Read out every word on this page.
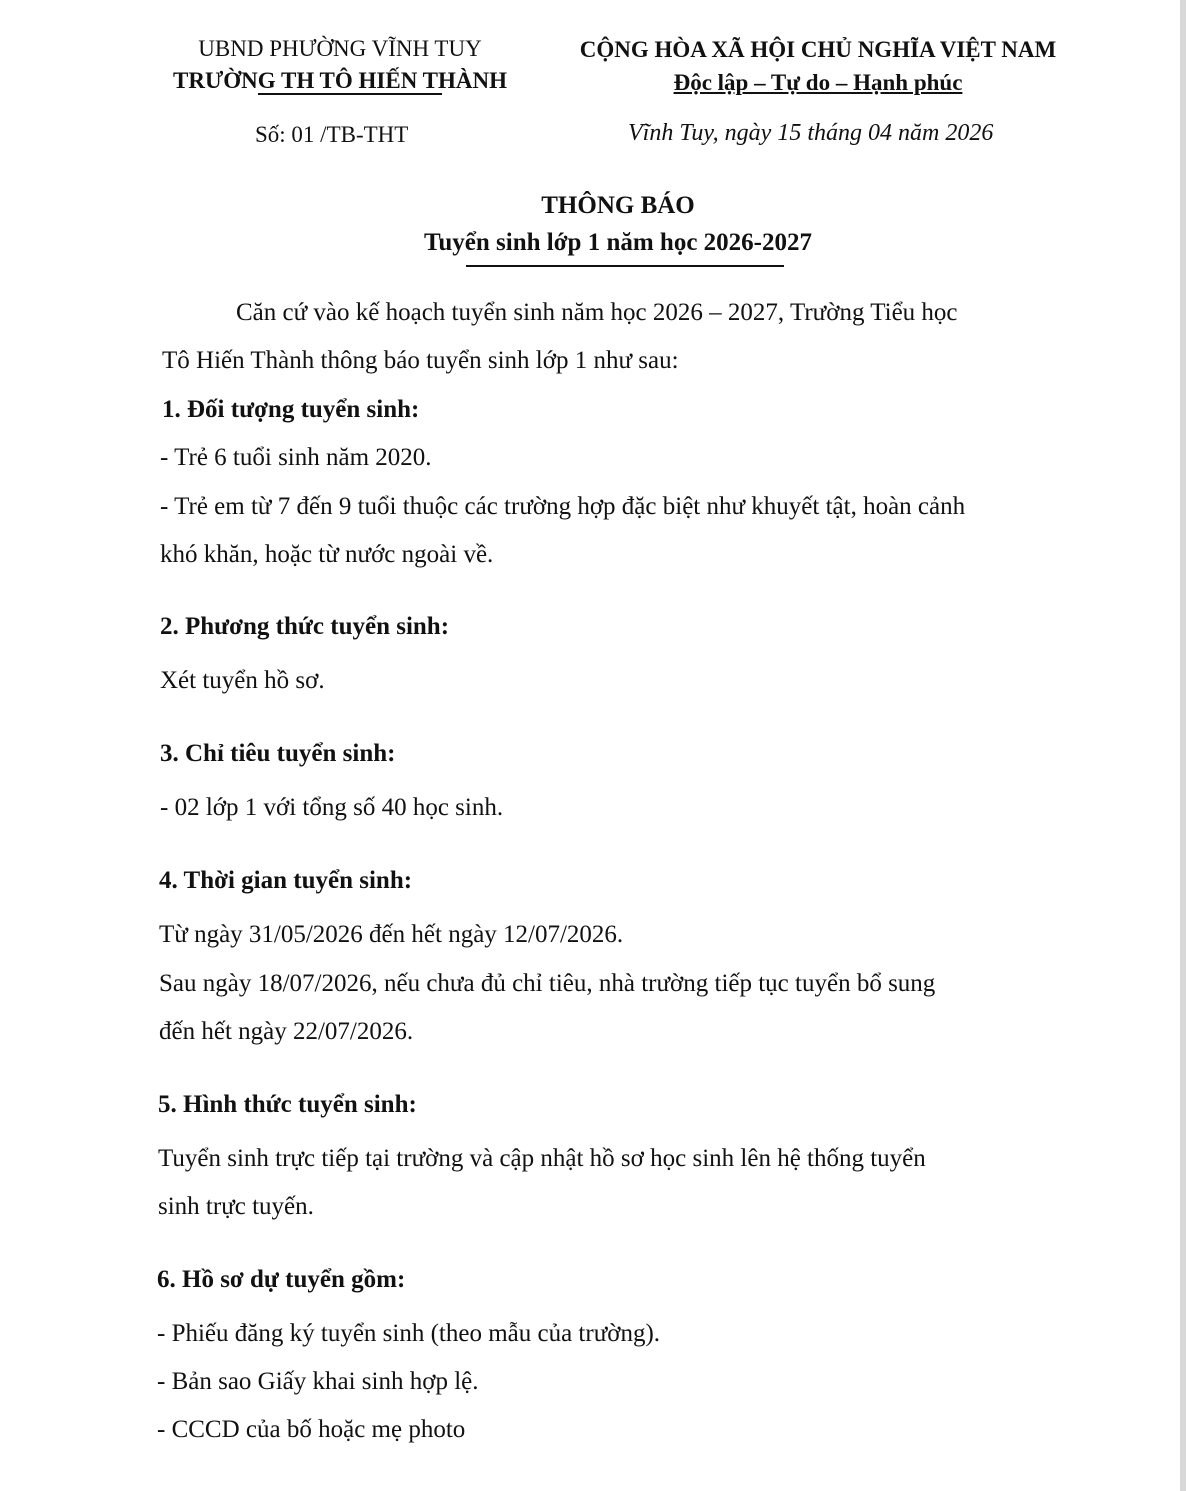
UBND PHƯỜNG VĨNH TUY
TRƯỜNG TH TÔ HIẾN THÀNH
Số: 01 /TB-THT
CỘNG HÒA XÃ HỘI CHỦ NGHĨA VIỆT NAM
Độc lập – Tự do – Hạnh phúc
Vĩnh Tuy, ngày 15 tháng 04 năm 2026
THÔNG BÁO
Tuyển sinh lớp 1 năm học 2026-2027
Căn cứ vào kế hoạch tuyển sinh năm học 2026 – 2027, Trường Tiểu học
Tô Hiến Thành thông báo tuyển sinh lớp 1 như sau:
1. Đối tượng tuyển sinh:
- Trẻ 6 tuổi sinh năm 2020.
- Trẻ em từ 7 đến 9 tuổi thuộc các trường hợp đặc biệt như khuyết tật, hoàn cảnh
khó khăn, hoặc từ nước ngoài về.
2. Phương thức tuyển sinh:
Xét tuyển hồ sơ.
3. Chỉ tiêu tuyển sinh:
- 02 lớp 1 với tổng số 40 học sinh.
4. Thời gian tuyển sinh:
Từ ngày 31/05/2026 đến hết ngày 12/07/2026.
Sau ngày 18/07/2026, nếu chưa đủ chỉ tiêu, nhà trường tiếp tục tuyển bổ sung
đến hết ngày 22/07/2026.
5. Hình thức tuyển sinh:
Tuyển sinh trực tiếp tại trường và cập nhật hồ sơ học sinh lên hệ thống tuyển
sinh trực tuyến.
6. Hồ sơ dự tuyển gồm:
- Phiếu đăng ký tuyển sinh (theo mẫu của trường).
- Bản sao Giấy khai sinh hợp lệ.
- CCCD của bố hoặc mẹ photo
